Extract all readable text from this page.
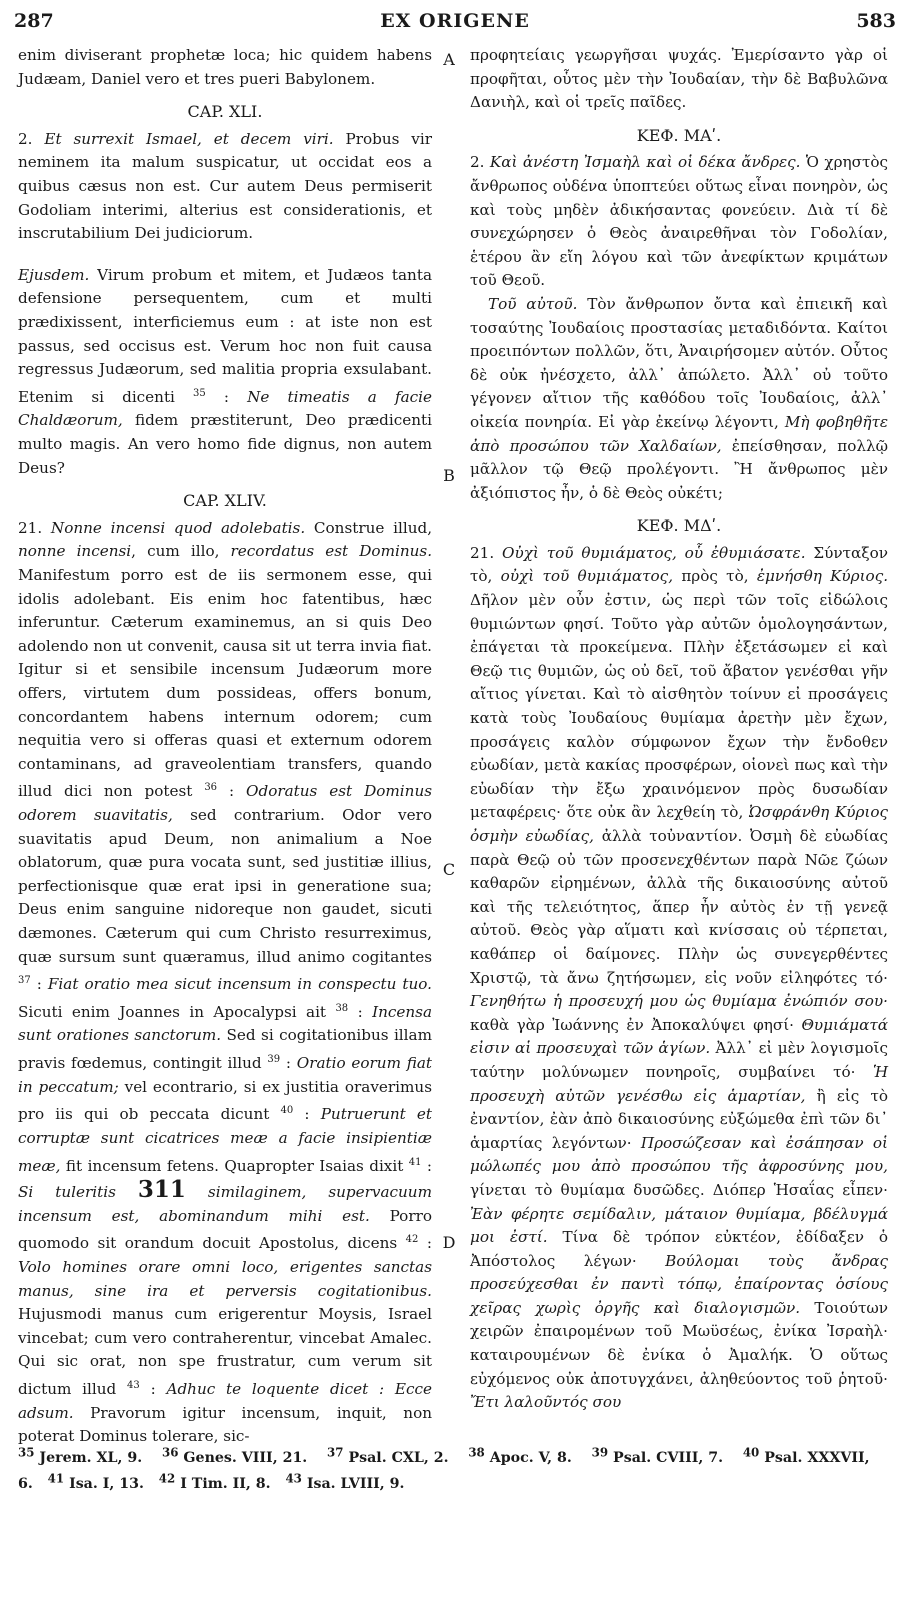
287	EX ORIGENE	583
A
B
C
D

enim diviserant prophetæ loca; hic quidem habens Judæam, Daniel vero et tres pueri Babylonem.

CAP. XLI.

2. Et surrexit Ismael, et decem viri. Probus vir neminem ita malum suspicatur, ut occidat eos a quibus cæsus non est. Cur autem Deus permiserit Godoliam interimi, alterius est considerationis, et inscrutabilium Dei judiciorum.

Ejusdem. Virum probum et mitem, et Judæos tanta defensione persequentem, cum et multi prædixissent, interficiemus eum : at iste non est passus, sed occisus est. Verum hoc non fuit causa regressus Judæorum, sed malitia propria exsulabant. Etenim si dicenti $^{35}$ : Ne timeatis a facie Chaldæorum, fidem præstiterunt, Deo prædicenti multo magis. An vero homo fide dignus, non autem Deus?

CAP. XLIV.

21. Nonne incensi quod adolebatis. Construe illud, nonne incensi, cum illo, recordatus est Dominus. Manifestum porro est de iis sermonem esse, qui idolis adolebant. Eis enim hoc fatentibus, hæc inferuntur. Cæterum examinemus, an si quis Deo adolendo non ut convenit, causa sit ut terra invia fiat. Igitur si et sensibile incensum Judæorum more offers, virtutem dum possideas, offers bonum, concordantem habens internum odorem; cum nequitia vero si offeras quasi et externum odorem contaminans, ad graveolentiam transfers, quando illud dici non potest $^{36}$ : Odoratus est Dominus odorem suavitatis, sed contrarium. Odor vero suavitatis apud Deum, non animalium a Noe oblatorum, quæ pura vocata sunt, sed justitiæ illius, perfectionisque quæ erat ipsi in generatione sua; Deus enim sanguine nidoreque non gaudet, sicuti dæmones. Cæterum qui cum Christo resurreximus, quæ sursum sunt quæramus, illud animo cogitantes $^{37}$ : Fiat oratio mea sicut incensum in conspectu tuo. Sicuti enim Joannes in Apocalypsi ait $^{38}$ : Incensa sunt orationes sanctorum. Sed si cogitationibus illam pravis fœdemus, contingit illud $^{39}$ : Oratio eorum fiat in peccatum; vel econtrario, si ex justitia oraverimus pro iis qui ob peccata dicunt $^{40}$ : Putruerunt et corruptæ sunt cicatrices meæ a facie insipientiæ meæ, fit incensum fetens. Quapropter Isaias dixit $^{41}$ : Si tuleritis 311 similaginem, supervacuum incensum est, abominandum mihi est. Porro quomodo sit orandum docuit Apostolus, dicens $^{42}$ : Volo homines orare omni loco, erigentes sanctas manus, sine ira et perversis cogitationibus. Hujusmodi manus cum erigerentur Moysis, Israel vincebat; cum vero contraherentur, vincebat Amalec. Qui sic orat, non spe frustratur, cum verum sit dictum illud $^{43}$ : Adhuc te loquente dicet : Ecce adsum. Pravorum igitur incensum, inquit, non poterat Dominus tolerare, sic-

προφητείαις γεωργῆσαι ψυχάς. Ἐμερίσαντο γὰρ οἱ προφῆται, οὗτος μὲν τὴν Ἰουδαίαν, τὴν δὲ Βαβυλῶνα Δανιὴλ, καὶ οἱ τρεῖς παῖδες.

ΚΕΦ. ΜΑʹ.

2. Καὶ ἀνέστη Ἰσμαὴλ καὶ οἱ δέκα ἄνδρες. Ὁ χρηστὸς ἄνθρωπος οὐδένα ὑποπτεύει οὕτως εἶναι πονηρὸν, ὡς καὶ τοὺς μηδὲν ἀδικήσαντας φονεύειν. Διὰ τί δὲ συνεχώρησεν ὁ Θεὸς ἀναιρεθῆναι τὸν Γοδολίαν, ἑτέρου ἂν εἴη λόγου καὶ τῶν ἀνεφίκτων κριμάτων τοῦ Θεοῦ.

Τοῦ αὐτοῦ. Τὸν ἄνθρωπον ὄντα καὶ ἐπιεικῆ καὶ τοσαύτης Ἰουδαίοις προστασίας μεταδιδόντα. Καίτοι προειπόντων πολλῶν, ὅτι, Ἀναιρήσομεν αὐτόν. Οὗτος δὲ οὐκ ἠνέσχετο, ἀλλ᾽ ἀπώλετο. Ἀλλ᾽ οὐ τοῦτο γέγονεν αἴτιον τῆς καθόδου τοῖς Ἰουδαίοις, ἀλλ᾽ οἰκεία πονηρία. Εἰ γὰρ ἐκείνῳ λέγοντι, Μὴ φοβηθῆτε ἀπὸ προσώπου τῶν Χαλδαίων, ἐπείσθησαν, πολλῷ μᾶλλον τῷ Θεῷ προλέγοντι. Ἢ ἄνθρωπος μὲν ἀξιόπιστος ἦν, ὁ δὲ Θεὸς οὐκέτι;

ΚΕΦ. ΜΔʹ.

21. Οὐχὶ τοῦ θυμιάματος, οὗ ἐθυμιάσατε. Σύνταξον τὸ, οὐχὶ τοῦ θυμιάματος, πρὸς τὸ, ἐμνήσθη Κύριος. Δῆλον μὲν οὖν ἐστιν, ὡς περὶ τῶν τοῖς εἰδώλοις θυμιώντων φησί. Τοῦτο γὰρ αὐτῶν ὁμολογησάντων, ἐπάγεται τὰ προκείμενα. Πλὴν ἐξετάσωμεν εἰ καὶ Θεῷ τις θυμιῶν, ὡς οὐ δεῖ, τοῦ ἄβατον γενέσθαι γῆν αἴτιος γίνεται. Καὶ τὸ αἰσθητὸν τοίνυν εἰ προσάγεις κατὰ τοὺς Ἰουδαίους θυμίαμα ἀρετὴν μὲν ἔχων, προσάγεις καλὸν σύμφωνον ἔχων τὴν ἔνδοθεν εὐωδίαν, μετὰ κακίας προσφέρων, οἱονεὶ πως καὶ τὴν εὐωδίαν τὴν ἔξω χραινόμενον πρὸς δυσωδίαν μεταφέρεις· ὅτε οὐκ ἂν λεχθείη τὸ, Ὠσφράνθη Κύριος ὀσμὴν εὐωδίας, ἀλλὰ τοὐναντίον. Ὀσμὴ δὲ εὐωδίας παρὰ Θεῷ οὐ τῶν προσενεχθέντων παρὰ Νῶε ζώων καθαρῶν εἰρημένων, ἀλλὰ τῆς δικαιοσύνης αὐτοῦ καὶ τῆς τελειότητος, ἅπερ ἦν αὐτὸς ἐν τῇ γενεᾷ αὐτοῦ. Θεὸς γὰρ αἵματι καὶ κνίσσαις οὐ τέρπεται, καθάπερ οἱ δαίμονες. Πλὴν ὡς συνεγερθέντες Χριστῷ, τὰ ἄνω ζητήσωμεν, εἰς νοῦν εἰληφότες τό· Γενηθήτω ἡ προσευχή μου ὡς θυμίαμα ἐνώπιόν σου· καθὰ γὰρ Ἰωάννης ἐν Ἀποκαλύψει φησί· Θυμιάματά εἰσιν αἱ προσευχαὶ τῶν ἁγίων. Ἀλλ᾽ εἰ μὲν λογισμοῖς ταύτην μολύνωμεν πονηροῖς, συμβαίνει τό· Ἡ προσευχὴ αὐτῶν γενέσθω εἰς ἁμαρτίαν, ἢ εἰς τὸ ἐναντίον, ἐὰν ἀπὸ δικαιοσύνης εὐξώμεθα ἐπὶ τῶν δι᾽ ἁμαρτίας λεγόντων· Προσώζεσαν καὶ ἐσάπησαν οἱ μώλωπές μου ἀπὸ προσώπου τῆς ἀφροσύνης μου, γίνεται τὸ θυμίαμα δυσῶδες. Διόπερ Ἡσαΐας εἶπεν· Ἐὰν φέρητε σεμίδαλιν, μάταιον θυμίαμα, βδέλυγμά μοι ἐστί. Τίνα δὲ τρόπον εὐκτέον, ἐδίδαξεν ὁ Ἀπόστολος λέγων· Βούλομαι τοὺς ἄνδρας προσεύχεσθαι ἐν παντὶ τόπῳ, ἐπαίροντας ὁσίους χεῖρας χωρὶς ὀργῆς καὶ διαλογισμῶν. Τοιούτων χειρῶν ἐπαιρομένων τοῦ Μωϋσέως, ἐνίκα Ἰσραὴλ· καταιρουμένων δὲ ἐνίκα ὁ Ἀμαλήκ. Ὁ οὕτως εὐχόμενος οὐκ ἀποτυγχάνει, ἀληθεύοντος τοῦ ῥητοῦ· Ἔτι λαλοῦντός σου

$^{35}$ Jerem. XL, 9. $^{36}$ Genes. VIII, 21. $^{37}$ Psal. CXL, 2. $^{38}$ Apoc. V, 8. $^{39}$ Psal. CVIII, 7. $^{40}$ Psal. XXXVII, 6. $^{41}$ Isa. I, 13. $^{42}$ I Tim. II, 8. $^{43}$ Isa. LVIII, 9.
